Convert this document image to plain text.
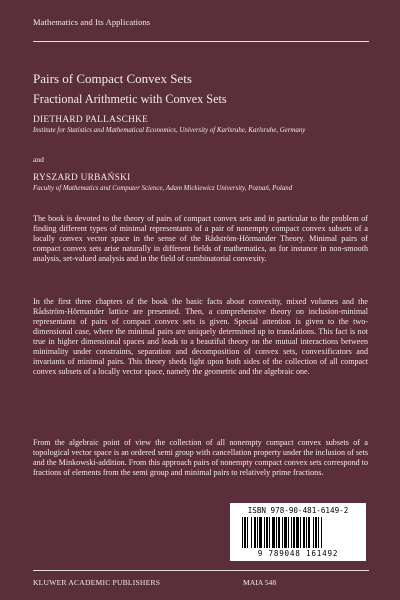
Mathematics and Its Applications
Pairs of Compact Convex Sets
Fractional Arithmetic with Convex Sets
DIETHARD PALLASCHKE
Institute for Statistics and Mathematical Economics, University of Karlsruhe, Karlsruhe, Germany
and
RYSZARD URBAŃSKI
Faculty of Mathematics and Computer Science, Adam Mickiewicz University, Poznań, Poland
The book is devoted to the theory of pairs of compact convex sets and in particular to the problem of finding different types of minimal representants of a pair of nonempty compact convex subsets of a locally convex vector space in the sense of the Rådström-Hörmander Theory. Minimal pairs of compact convex sets arise naturally in different fields of mathematics, as for instance in non-smooth analysis, set-valued analysis and in the field of combinatorial convexity.
In the first three chapters of the book the basic facts about convexity, mixed volumes and the Rådström-Hörmander lattice are presented. Then, a comprehensive theory on inclusion-minimal representants of pairs of compact convex sets is given. Special attention is given to the two-dimensional case, where the minimal pairs are uniquely determined up to translations. This fact is not true in higher dimensional spaces and leads to a beautiful theory on the mutual interactions between minimality under constraints, separation and decomposition of convex sets, convexificators and invariants of minimal pairs. This theory sheds light upon both sides of the collection of all compact convex subsets of a locally vector space, namely the geometric and the algebraic one.
From the algebraic point of view the collection of all nonempty compact convex subsets of a topological vector space is an ordered semi group with cancellation property under the inclusion of sets and the Minkowski-addition. From this approach pairs of nonempty compact convex sets correspond to fractions of elements from the semi group and minimal pairs to relatively prime fractions.
ISBN 978-90-481-6149-2
9 789048 161492
KLUWER ACADEMIC PUBLISHERS	MAIA 548
